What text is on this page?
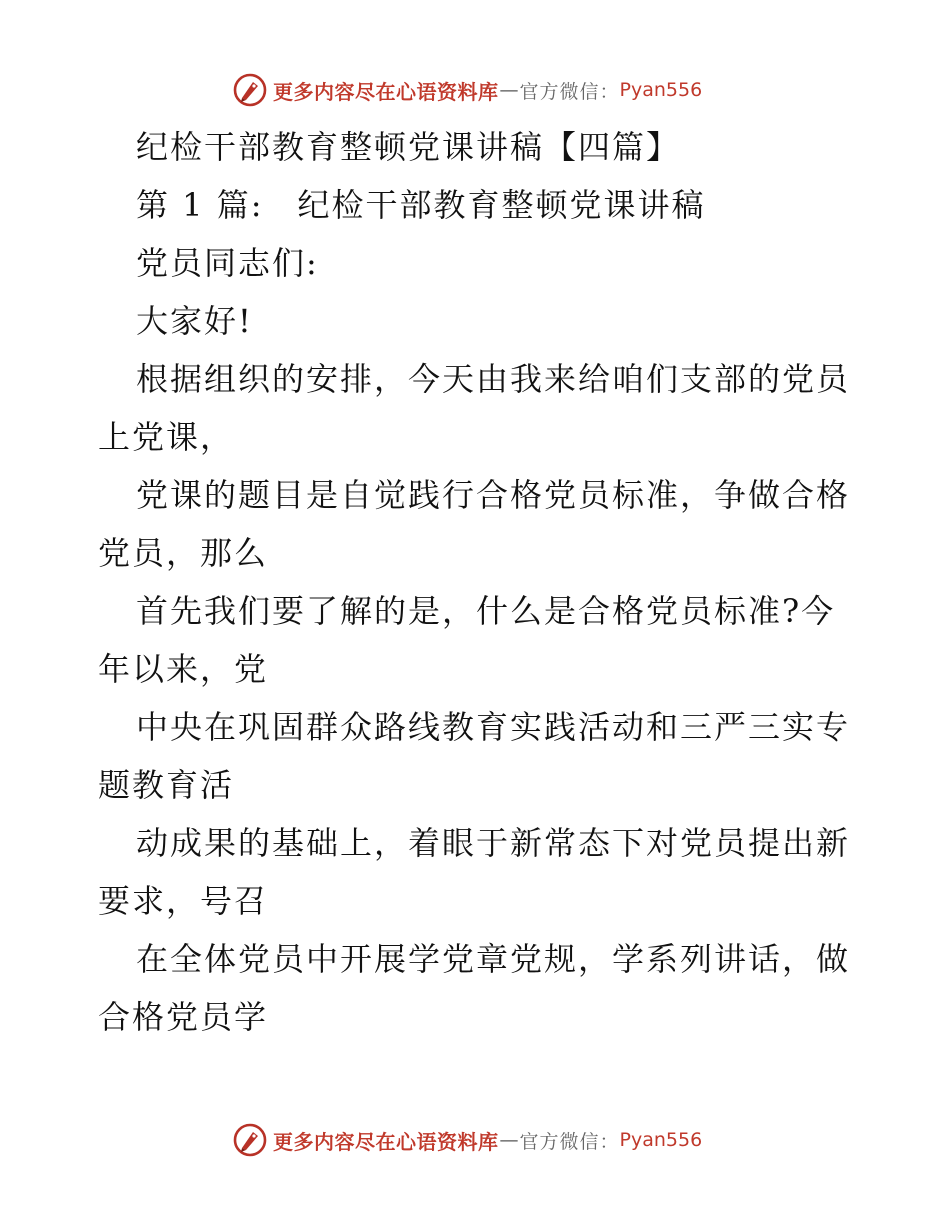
更多内容尽在心语资料库 — 官方微信： Pyan556

纪检干部教育整顿党课讲稿【四篇】

第 1 篇: 纪检干部教育整顿党课讲稿

党员同志们:

大家好!

根据组织的安排，今天由我来给咱们支部的党员

上党课，

党课的题目是自觉践行合格党员标准，争做合格

党员，那么

首先我们要了解的是，什么是合格党员标准?今

年以来，党

中央在巩固群众路线教育实践活动和三严三实专

题教育活

动成果的基础上，着眼于新常态下对党员提出新

要求，号召

在全体党员中开展学党章党规，学系列讲话，做

合格党员学

更多内容尽在心语资料库 — 官方微信： Pyan556
